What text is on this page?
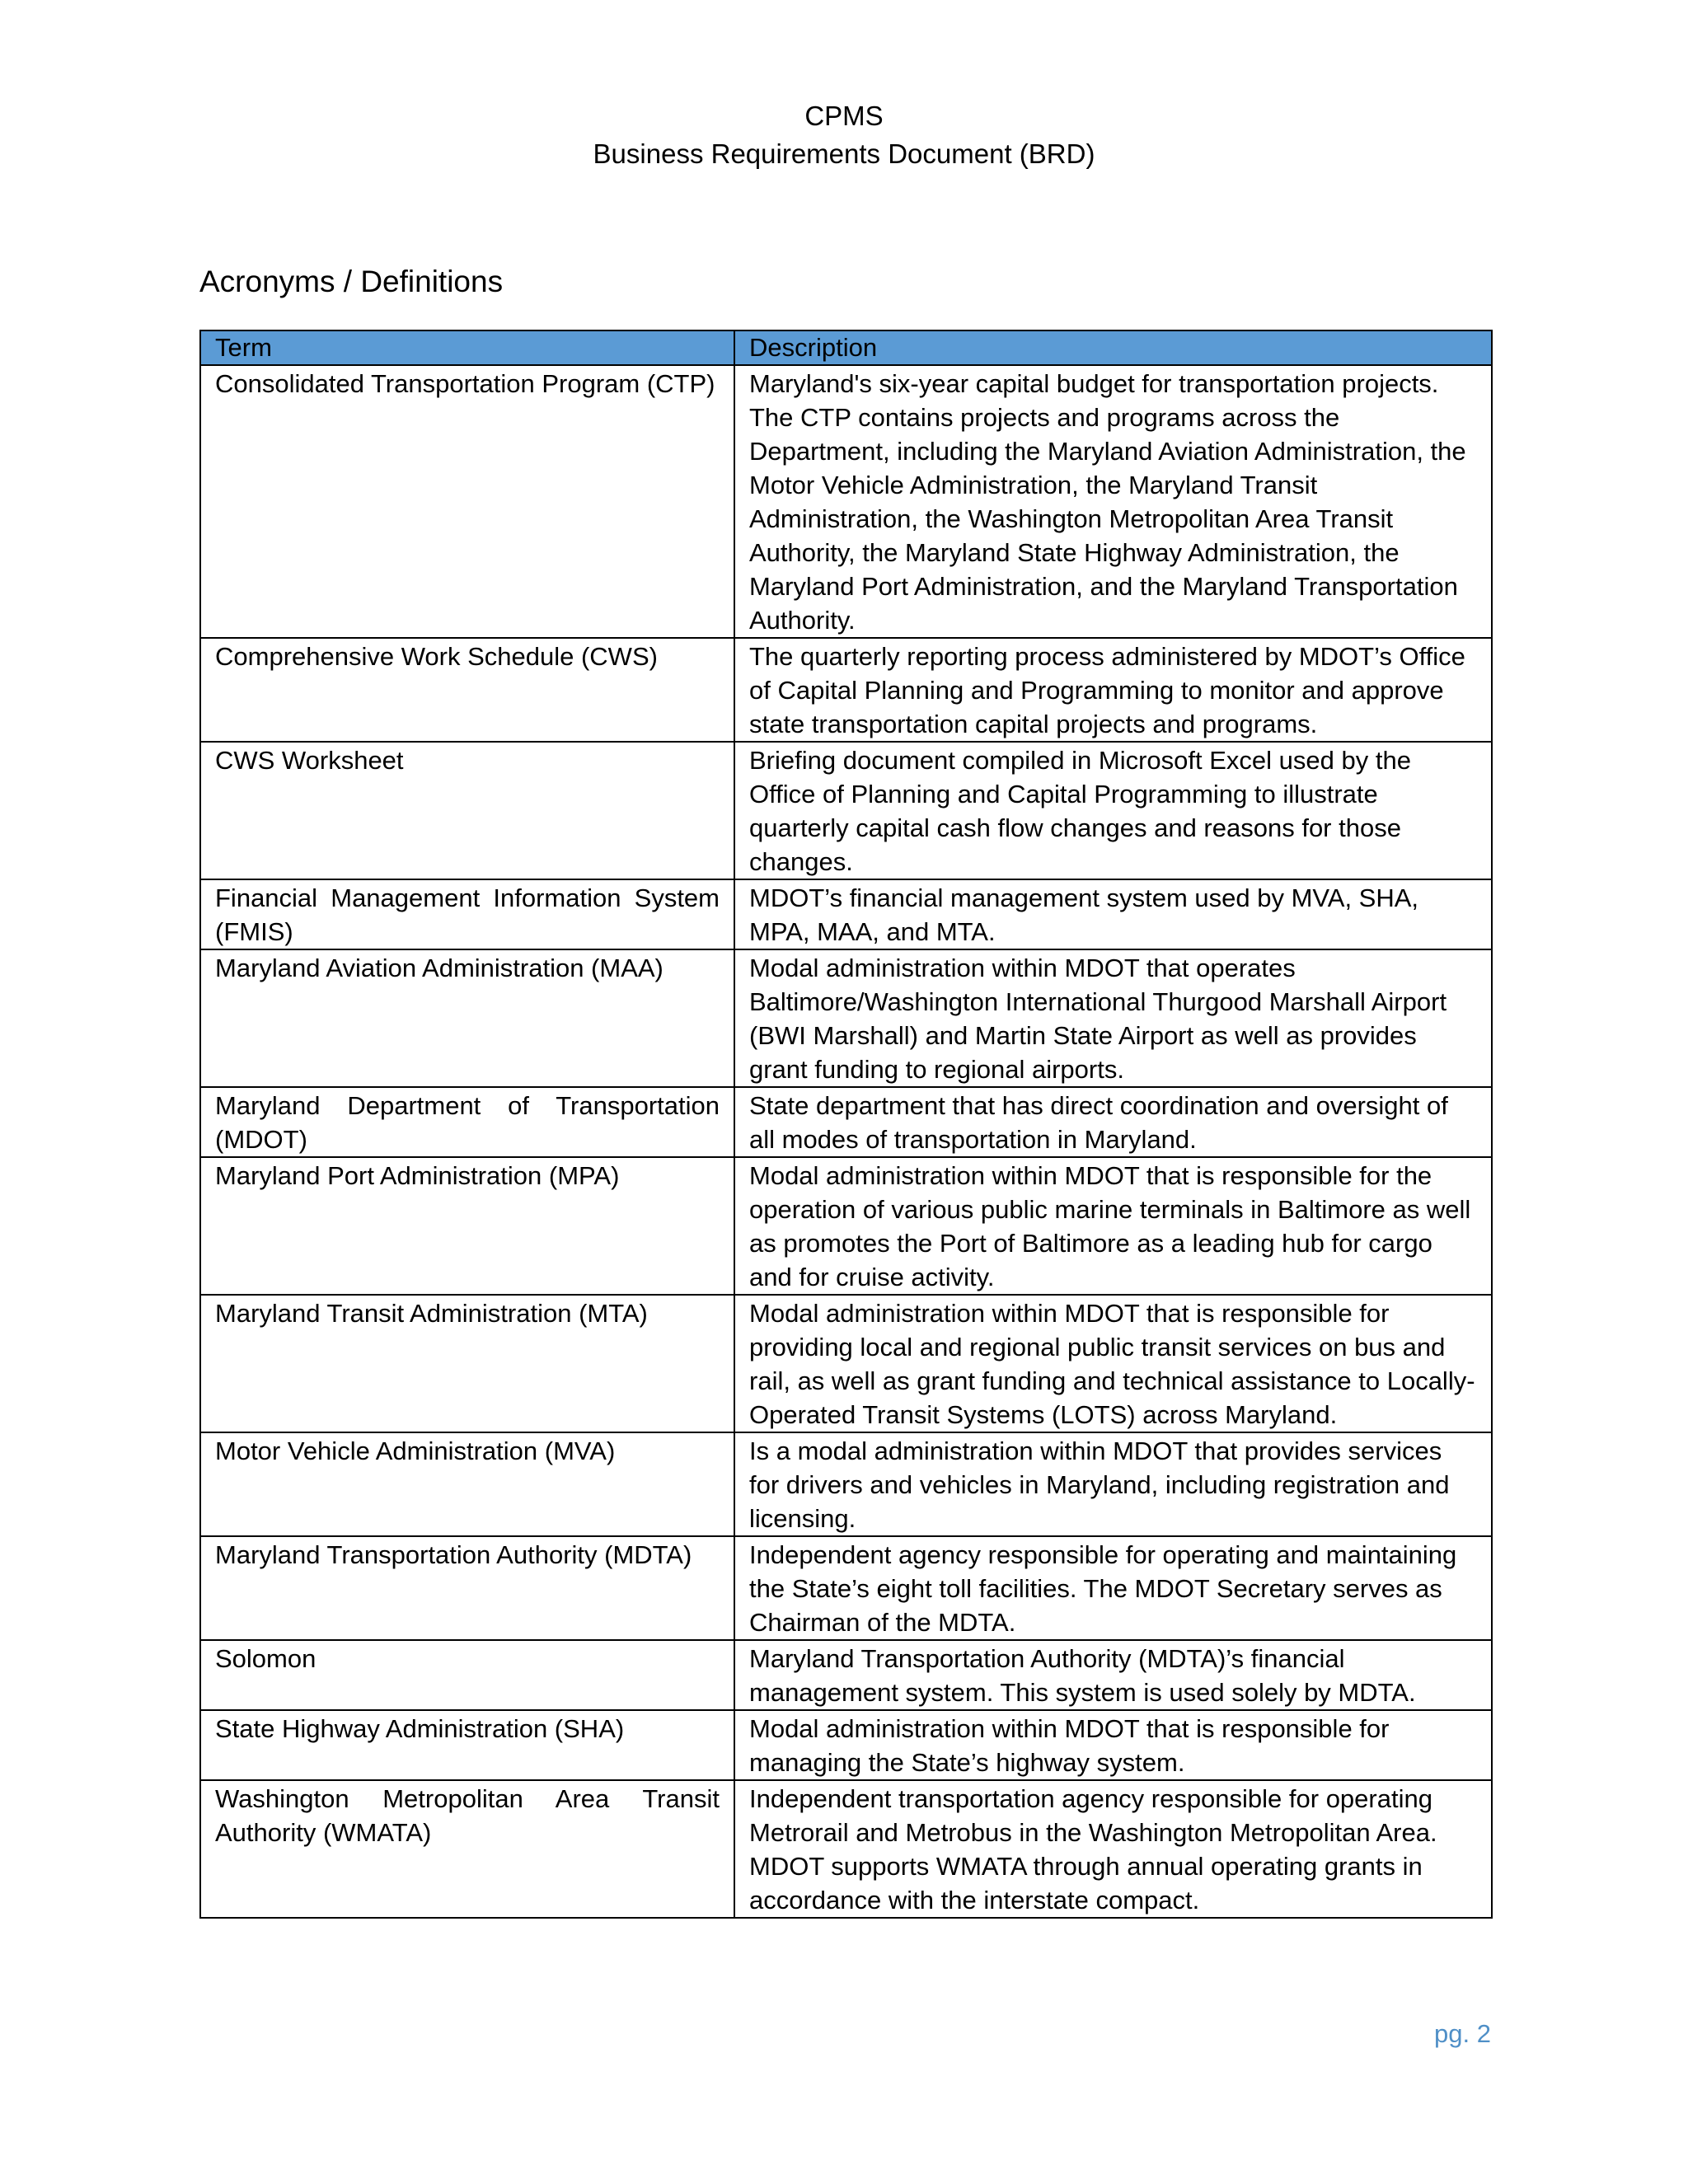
CPMS
Business Requirements Document (BRD)
Acronyms / Definitions
Term	Description
Consolidated Transportation Program (CTP)	Maryland's six-year capital budget for transportation projects. The CTP contains projects and programs across the Department, including the Maryland Aviation Administration, the Motor Vehicle Administration, the Maryland Transit Administration, the Washington Metropolitan Area Transit Authority, the Maryland State Highway Administration, the Maryland Port Administration, and the Maryland Transportation Authority.
Comprehensive Work Schedule (CWS)	The quarterly reporting process administered by MDOT’s Office of Capital Planning and Programming to monitor and approve state transportation capital projects and programs.
CWS Worksheet	Briefing document compiled in Microsoft Excel used by the Office of Planning and Capital Programming to illustrate quarterly capital cash flow changes and reasons for those changes.
Financial Management Information System (FMIS)	MDOT’s financial management system used by MVA, SHA, MPA, MAA, and MTA.
Maryland Aviation Administration (MAA)	Modal administration within MDOT that operates Baltimore/Washington International Thurgood Marshall Airport (BWI Marshall) and Martin State Airport as well as provides grant funding to regional airports.
Maryland Department of Transportation (MDOT)	State department that has direct coordination and oversight of all modes of transportation in Maryland.
Maryland Port Administration (MPA)	Modal administration within MDOT that is responsible for the operation of various public marine terminals in Baltimore as well as promotes the Port of Baltimore as a leading hub for cargo and for cruise activity.
Maryland Transit Administration (MTA)	Modal administration within MDOT that is responsible for providing local and regional public transit services on bus and rail, as well as grant funding and technical assistance to Locally-Operated Transit Systems (LOTS) across Maryland.
Motor Vehicle Administration (MVA)	Is a modal administration within MDOT that provides services for drivers and vehicles in Maryland, including registration and licensing.
Maryland Transportation Authority (MDTA)	Independent agency responsible for operating and maintaining the State’s eight toll facilities. The MDOT Secretary serves as Chairman of the MDTA.
Solomon	Maryland Transportation Authority (MDTA)’s financial management system. This system is used solely by MDTA.
State Highway Administration (SHA)	Modal administration within MDOT that is responsible for managing the State’s highway system.
Washington Metropolitan Area Transit Authority (WMATA)	Independent transportation agency responsible for operating Metrorail and Metrobus in the Washington Metropolitan Area. MDOT supports WMATA through annual operating grants in accordance with the interstate compact.
pg. 2
